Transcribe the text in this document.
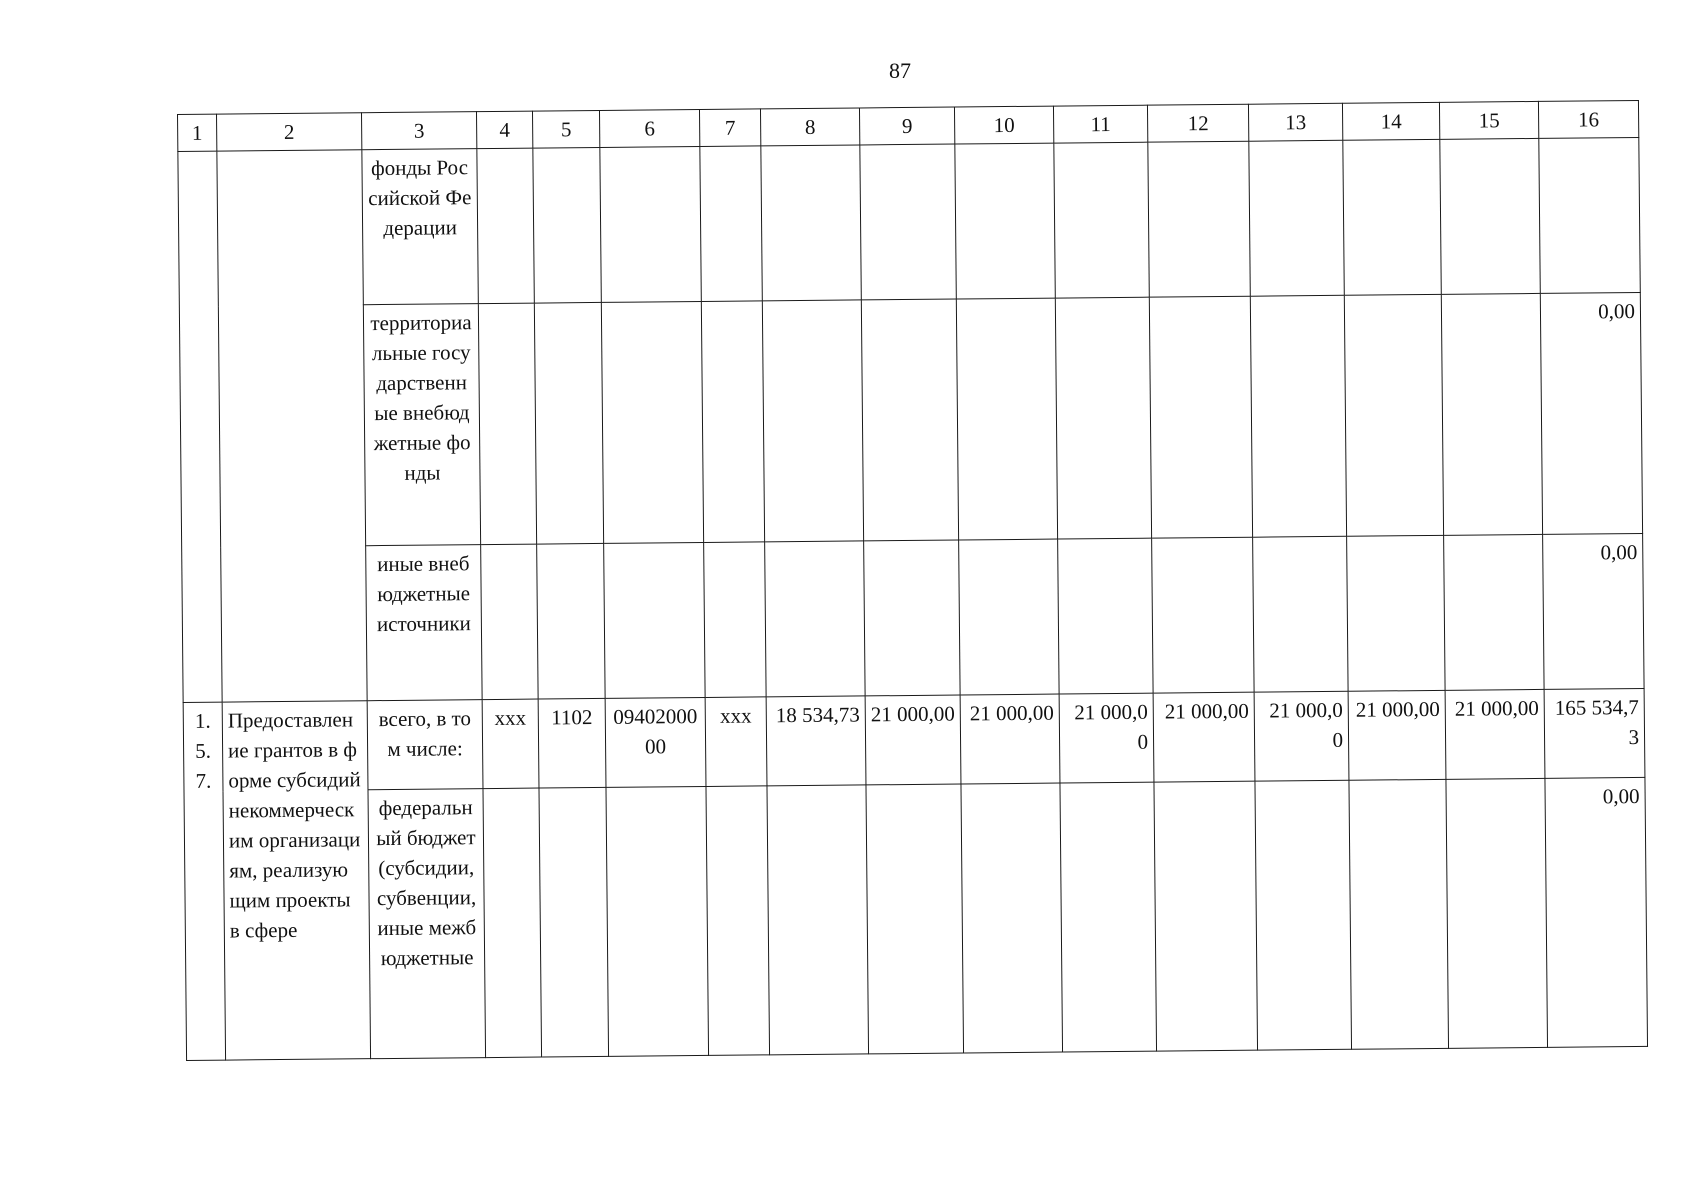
87
1	2	3	4	5	6	7	8	9	10	11	12	13	14	15	16
		фонды Российской Федерации													
		территориальные государственные внебюджетные фонды													0,00
		иные внебюджетные источники													0,00
1.5.7.	Предоставление грантов в форме субсидий некоммерческим организациям, реализующим проекты в сфере	всего, в том числе:	xxx	1102	0940200000	xxx	18 534,73	21 000,00	21 000,00	21 000,00	21 000,00	21 000,00	21 000,00	21 000,00	165 534,73
		федеральный бюджет (субсидии, субвенции, иные межбюджетные													0,00
